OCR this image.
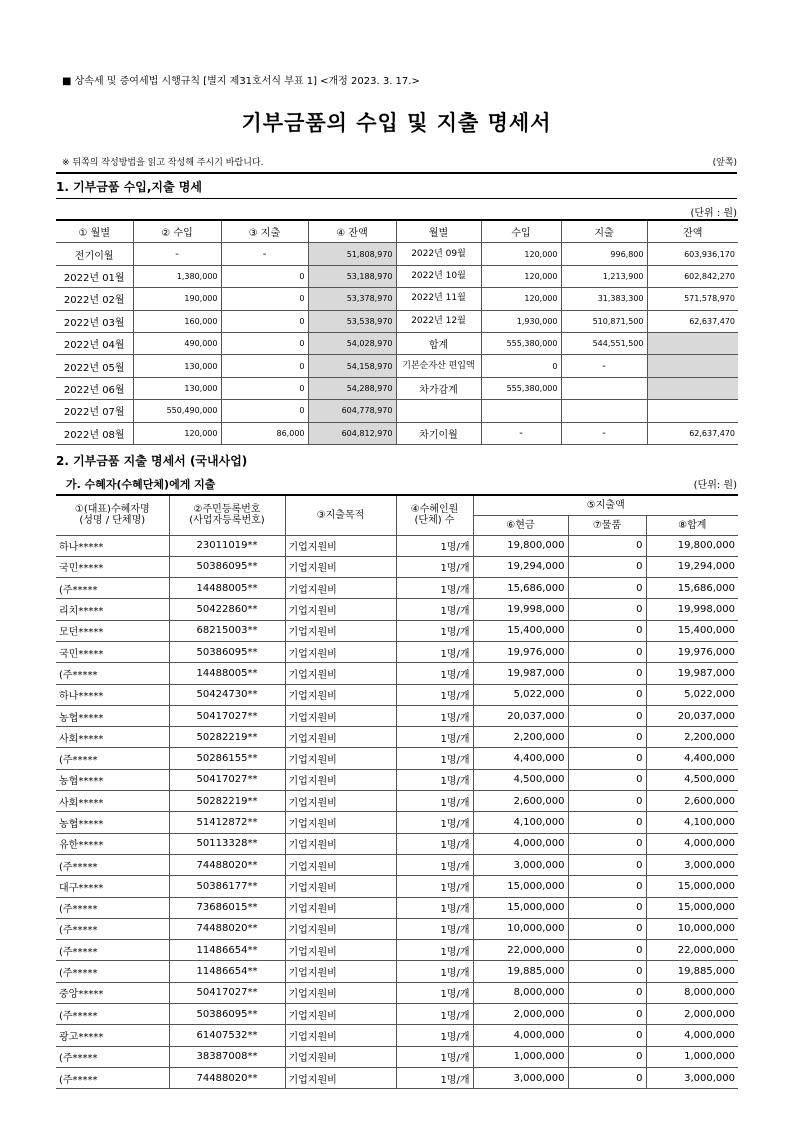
■ 상속세 및 증여세법 시행규칙 [별지 제31호서식 부표 1] <개정 2023. 3. 17.>
기부금품의 수입 및 지출 명세서
※ 뒤쪽의 작성방법을 읽고 작성해 주시기 바랍니다.	(앞쪽)
1. 기부금품 수입,지출 명세
(단위 : 원)
① 월별	② 수입	③ 지출	④ 잔액	월별	수입	지출	잔액
전기이월	-	-	51,808,970	2022년 09월	120,000	996,800	603,936,170
2022년 01월	1,380,000	0	53,188,970	2022년 10월	120,000	1,213,900	602,842,270
2022년 02월	190,000	0	53,378,970	2022년 11월	120,000	31,383,300	571,578,970
2022년 03월	160,000	0	53,538,970	2022년 12월	1,930,000	510,871,500	62,637,470
2022년 04월	490,000	0	54,028,970	합계	555,380,000	544,551,500	
2022년 05월	130,000	0	54,158,970	기본순자산 편입액	0	-	
2022년 06월	130,000	0	54,288,970	차가감계	555,380,000		
2022년 07월	550,490,000	0	604,778,970				
2022년 08월	120,000	86,000	604,812,970	차기이월	-	-	62,637,470
2. 기부금품 지출 명세서 (국내사업)
가. 수혜자(수혜단체)에게 지출	(단위: 원)
①(대표)수혜자명
(성명 / 단체명)	②주민등록번호
(사업자등록번호)	③지출목적	④수혜인원
(단체) 수	⑤지출액		
				⑥현금	⑦물품	⑧합계
하나*****	23011019**	기업지원비	1명/개	19,800,000	0	19,800,000
국민*****	50386095**	기업지원비	1명/개	19,294,000	0	19,294,000
(주*****	14488005**	기업지원비	1명/개	15,686,000	0	15,686,000
리치*****	50422860**	기업지원비	1명/개	19,998,000	0	19,998,000
모던*****	68215003**	기업지원비	1명/개	15,400,000	0	15,400,000
국민*****	50386095**	기업지원비	1명/개	19,976,000	0	19,976,000
(주*****	14488005**	기업지원비	1명/개	19,987,000	0	19,987,000
하나*****	50424730**	기업지원비	1명/개	5,022,000	0	5,022,000
농협*****	50417027**	기업지원비	1명/개	20,037,000	0	20,037,000
사회*****	50282219**	기업지원비	1명/개	2,200,000	0	2,200,000
(주*****	50286155**	기업지원비	1명/개	4,400,000	0	4,400,000
농협*****	50417027**	기업지원비	1명/개	4,500,000	0	4,500,000
사회*****	50282219**	기업지원비	1명/개	2,600,000	0	2,600,000
농협*****	51412872**	기업지원비	1명/개	4,100,000	0	4,100,000
유한*****	50113328**	기업지원비	1명/개	4,000,000	0	4,000,000
(주*****	74488020**	기업지원비	1명/개	3,000,000	0	3,000,000
대구*****	50386177**	기업지원비	1명/개	15,000,000	0	15,000,000
(주*****	73686015**	기업지원비	1명/개	15,000,000	0	15,000,000
(주*****	74488020**	기업지원비	1명/개	10,000,000	0	10,000,000
(주*****	11486654**	기업지원비	1명/개	22,000,000	0	22,000,000
(주*****	11486654**	기업지원비	1명/개	19,885,000	0	19,885,000
중앙*****	50417027**	기업지원비	1명/개	8,000,000	0	8,000,000
(주*****	50386095**	기업지원비	1명/개	2,000,000	0	2,000,000
광고*****	61407532**	기업지원비	1명/개	4,000,000	0	4,000,000
(주*****	38387008**	기업지원비	1명/개	1,000,000	0	1,000,000
(주*****	74488020**	기업지원비	1명/개	3,000,000	0	3,000,000
